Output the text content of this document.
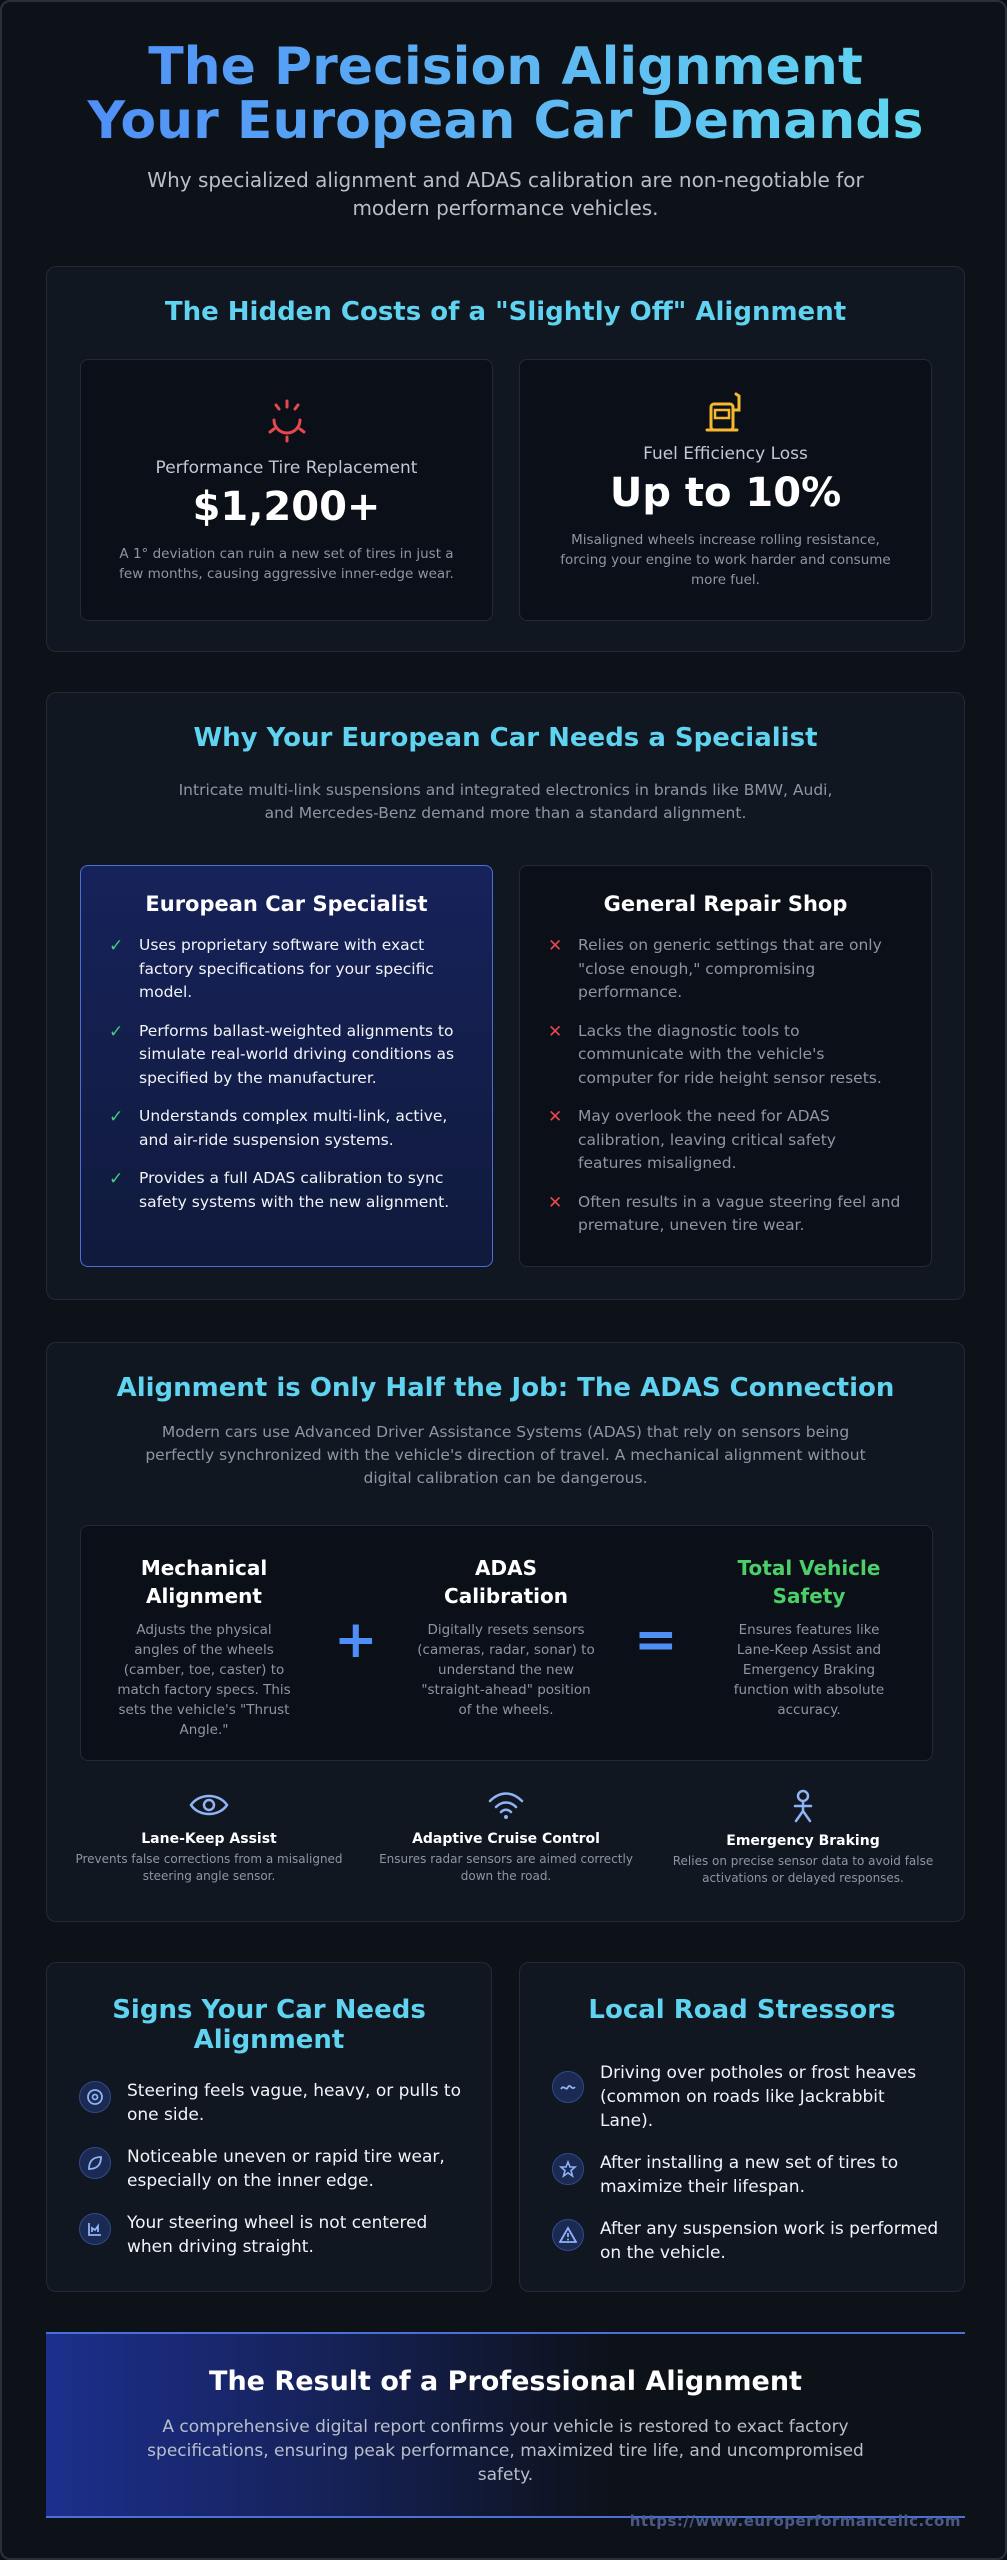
The Precision Alignment Your European Car Demands

Why specialized alignment and ADAS calibration are non-negotiable for modern performance vehicles.

The Hidden Costs of a "Slightly Off" Alignment
Performance Tire Replacement
$1,200+
A 1° deviation can ruin a new set of tires in just a few months, causing aggressive inner-edge wear.
Fuel Efficiency Loss
Up to 10%
Misaligned wheels increase rolling resistance, forcing your engine to work harder and consume more fuel.
Why Your European Car Needs a Specialist
Intricate multi-link suspensions and integrated electronics in brands like BMW, Audi, and Mercedes-Benz demand more than a standard alignment.
European Car Specialist
✓ Uses proprietary software with exact factory specifications for your specific model.
✓ Performs ballast-weighted alignments to simulate real-world driving conditions as specified by the manufacturer.
✓ Understands complex multi-link, active, and air-ride suspension systems.
✓ Provides a full ADAS calibration to sync safety systems with the new alignment.
General Repair Shop
✕ Relies on generic settings that are only "close enough," compromising performance.
✕ Lacks the diagnostic tools to communicate with the vehicle's computer for ride height sensor resets.
✕ May overlook the need for ADAS calibration, leaving critical safety features misaligned.
✕ Often results in a vague steering feel and premature, uneven tire wear.
Alignment is Only Half the Job: The ADAS Connection
Modern cars use Advanced Driver Assistance Systems (ADAS) that rely on sensors being perfectly synchronized with the vehicle's direction of travel. A mechanical alignment without digital calibration can be dangerous.
Mechanical Alignment

Adjusts the physical angles of the wheels (camber, toe, caster) to match factory specs. This sets the vehicle's "Thrust Angle."

+
ADAS Calibration

Digitally resets sensors (cameras, radar, sonar) to understand the new "straight-ahead" position of the wheels.

=
Total Vehicle Safety

Ensures features like Lane-Keep Assist and Emergency Braking function with absolute accuracy.

Lane-Keep Assist

Prevents false corrections from a misaligned steering angle sensor.

Adaptive Cruise Control

Ensures radar sensors are aimed correctly down the road.

Emergency Braking

Relies on precise sensor data to avoid false activations or delayed responses.

Signs Your Car Needs Alignment
Steering feels vague, heavy, or pulls to one side.
Noticeable uneven or rapid tire wear, especially on the inner edge.
Your steering wheel is not centered when driving straight.
Local Road Stressors
Driving over potholes or frost heaves (common on roads like Jackrabbit Lane).
After installing a new set of tires to maximize their lifespan.
After any suspension work is performed on the vehicle.
The Result of a Professional Alignment

A comprehensive digital report confirms your vehicle is restored to exact factory specifications, ensuring peak performance, maximized tire life, and uncompromised safety.

https://www.europerformancellc.com
